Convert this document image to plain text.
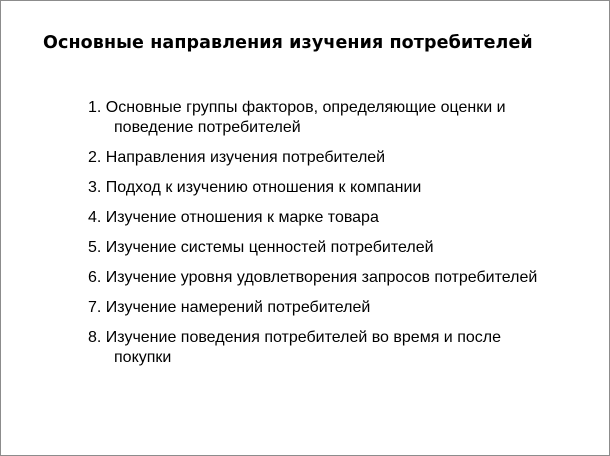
Основные направления изучения потребителей
1. Основные группы факторов, определяющие оценки и поведение потребителей
2. Направления изучения потребителей
3. Подход к изучению отношения к компании
4. Изучение отношения к марке товара
5. Изучение системы ценностей потребителей
6. Изучение уровня удовлетворения запросов потребителей
7. Изучение намерений потребителей
8. Изучение поведения потребителей во время и после покупки
